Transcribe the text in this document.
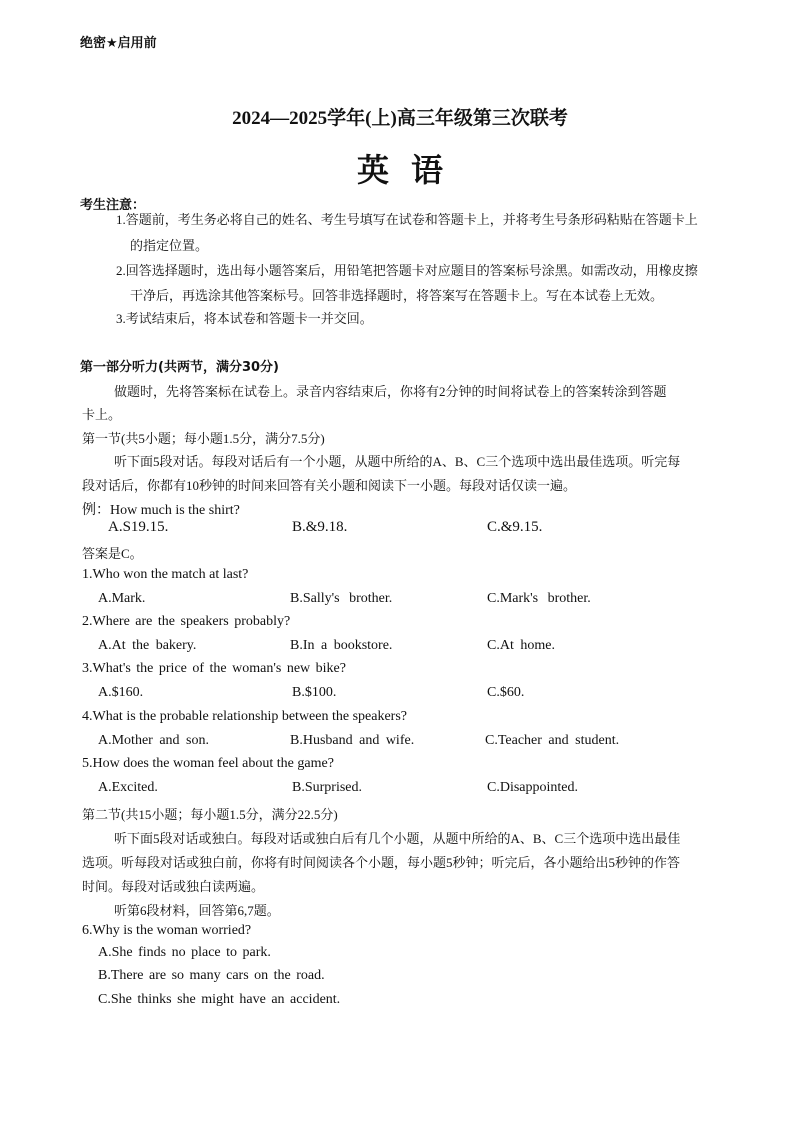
绝密★启用前
2024—2025学年(上)高三年级第三次联考
英语
考生注意：
1.答题前，考生务必将自己的姓名、考生号填写在试卷和答题卡上，并将考生号条形码粘贴在答题卡上
的指定位置。
2.回答选择题时，选出每小题答案后，用铅笔把答题卡对应题目的答案标号涂黑。如需改动，用橡皮擦
干净后，再选涂其他答案标号。回答非选择题时，将答案写在答题卡上。写在本试卷上无效。
3.考试结束后，将本试卷和答题卡一并交回。
第一部分听力(共两节，满分30分)
做题时，先将答案标在试卷上。录音内容结束后，你将有2分钟的时间将试卷上的答案转涂到答题
卡上。
第一节(共5小题；每小题1.5分，满分7.5分)
听下面5段对话。每段对话后有一个小题，从题中所给的A、B、C三个选项中选出最佳选项。听完每
段对话后，你都有10秒钟的时间来回答有关小题和阅读下一小题。每段对话仅读一遍。
例：How much is the shirt?
A.S19.15.	B.&9.18.	C.&9.15.
答案是C。
1.Who won the match at last?
A.Mark.	B.Sally's brother.	C.Mark's brother.
2.Where are the speakers probably?
A.At the bakery.	B.In a bookstore.	C.At home.
3.What's the price of the woman's new bike?
A.$160.	B.$100.	C.$60.
4.What is the probable relationship between the speakers?
A.Mother and son.	B.Husband and wife.	C.Teacher and student.
5.How does the woman feel about the game?
A.Excited.	B.Surprised.	C.Disappointed.
第二节(共15小题；每小题1.5分，满分22.5分)
听下面5段对话或独白。每段对话或独白后有几个小题，从题中所给的A、B、C三个选项中选出最佳
选项。听每段对话或独白前，你将有时间阅读各个小题，每小题5秒钟；听完后，各小题给出5秒钟的作答
时间。每段对话或独白读两遍。
听第6段材料，回答第6,7题。
6.Why is the woman worried?
A.She finds no place to park.
B.There are so many cars on the road.
C.She thinks she might have an accident.
